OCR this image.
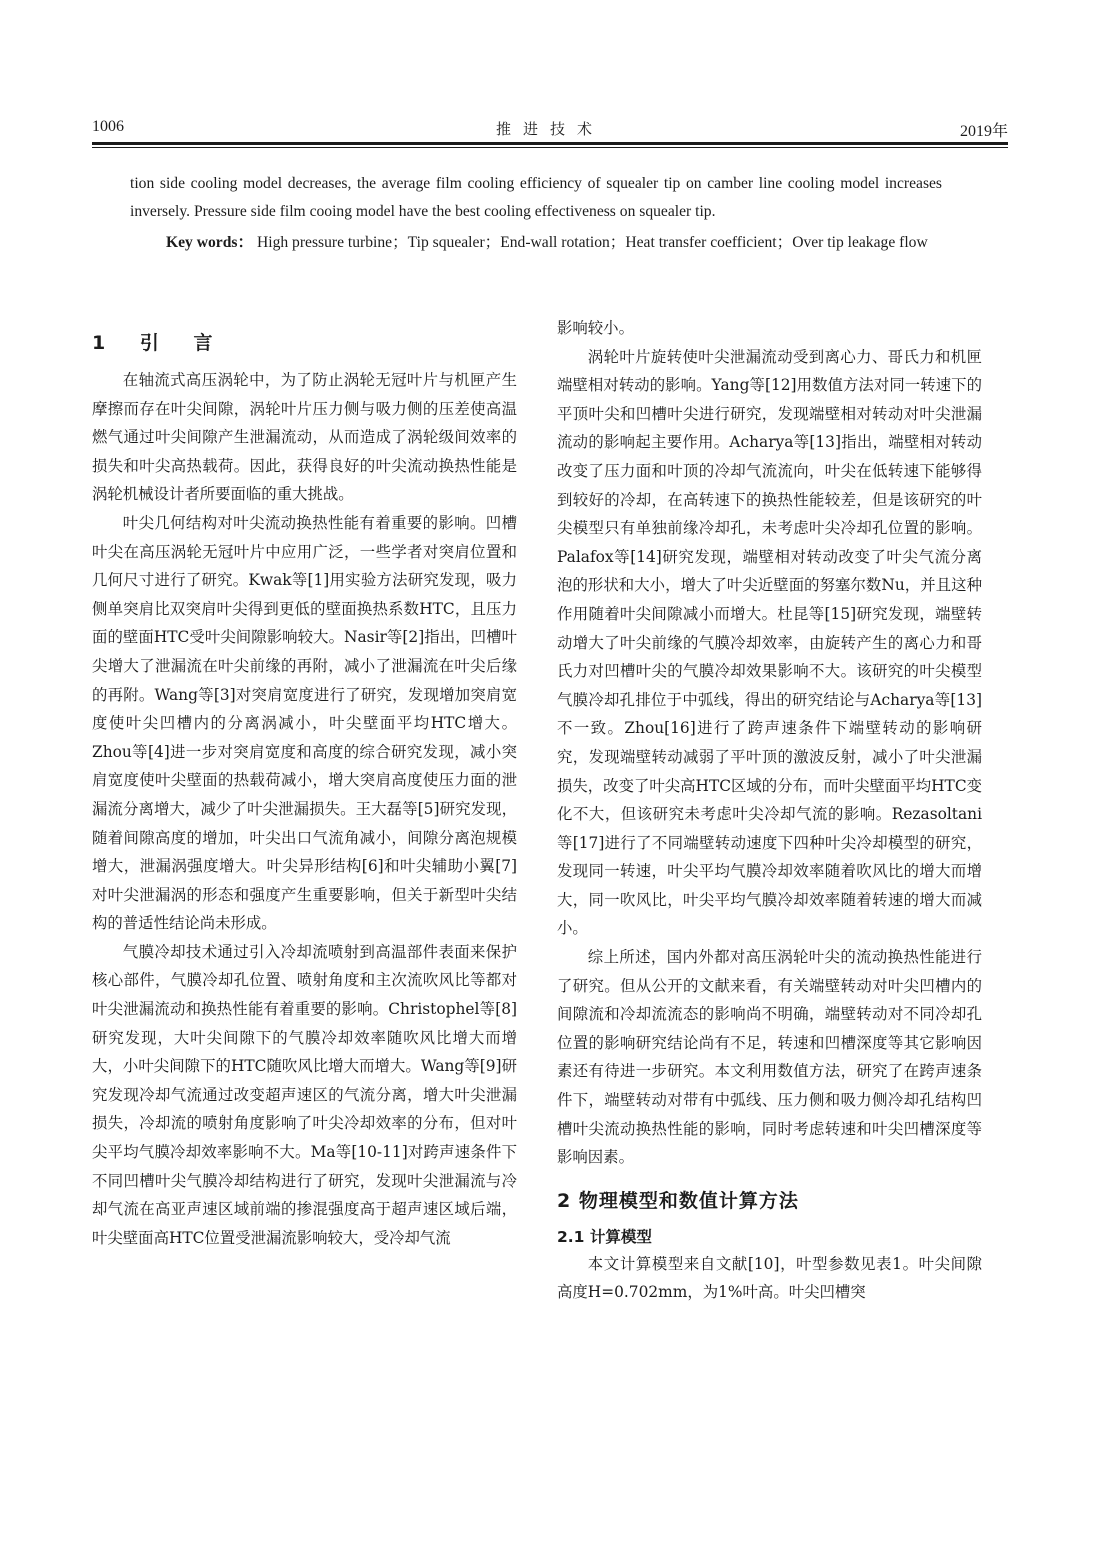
1006	推进技术	2019年
tion side cooling model decreases, the average film cooling efficiency of squealer tip on camber line cooling model increases inversely. Pressure side film cooing model have the best cooling effectiveness on squealer tip.
Key words： High pressure turbine；Tip squealer；End-wall rotation；Heat transfer coefficient；Over tip leakage flow
1 引 言

在轴流式高压涡轮中，为了防止涡轮无冠叶片与机匣产生摩擦而存在叶尖间隙，涡轮叶片压力侧与吸力侧的压差使高温燃气通过叶尖间隙产生泄漏流动，从而造成了涡轮级间效率的损失和叶尖高热载荷。因此，获得良好的叶尖流动换热性能是涡轮机械设计者所要面临的重大挑战。

叶尖几何结构对叶尖流动换热性能有着重要的影响。凹槽叶尖在高压涡轮无冠叶片中应用广泛，一些学者对突肩位置和几何尺寸进行了研究。Kwak等[1]用实验方法研究发现，吸力侧单突肩比双突肩叶尖得到更低的壁面换热系数HTC，且压力面的壁面HTC受叶尖间隙影响较大。Nasir等[2]指出，凹槽叶尖增大了泄漏流在叶尖前缘的再附，减小了泄漏流在叶尖后缘的再附。Wang等[3]对突肩宽度进行了研究，发现增加突肩宽度使叶尖凹槽内的分离涡减小，叶尖壁面平均HTC增大。Zhou等[4]进一步对突肩宽度和高度的综合研究发现，减小突肩宽度使叶尖壁面的热载荷减小，增大突肩高度使压力面的泄漏流分离增大，减少了叶尖泄漏损失。王大磊等[5]研究发现，随着间隙高度的增加，叶尖出口气流角减小，间隙分离泡规模增大，泄漏涡强度增大。叶尖异形结构[6]和叶尖辅助小翼[7]对叶尖泄漏涡的形态和强度产生重要影响，但关于新型叶尖结构的普适性结论尚未形成。

气膜冷却技术通过引入冷却流喷射到高温部件表面来保护核心部件，气膜冷却孔位置、喷射角度和主次流吹风比等都对叶尖泄漏流动和换热性能有着重要的影响。Christophel等[8]研究发现，大叶尖间隙下的气膜冷却效率随吹风比增大而增大，小叶尖间隙下的HTC随吹风比增大而增大。Wang等[9]研究发现冷却气流通过改变超声速区的气流分离，增大叶尖泄漏损失，冷却流的喷射角度影响了叶尖冷却效率的分布，但对叶尖平均气膜冷却效率影响不大。Ma等[10-11]对跨声速条件下不同凹槽叶尖气膜冷却结构进行了研究，发现叶尖泄漏流与冷却气流在高亚声速区域前端的掺混强度高于超声速区域后端，叶尖壁面高HTC位置受泄漏流影响较大，受冷却气流

影响较小。

涡轮叶片旋转使叶尖泄漏流动受到离心力、哥氏力和机匣端壁相对转动的影响。Yang等[12]用数值方法对同一转速下的平顶叶尖和凹槽叶尖进行研究，发现端壁相对转动对叶尖泄漏流动的影响起主要作用。Acharya等[13]指出，端壁相对转动改变了压力面和叶顶的冷却气流流向，叶尖在低转速下能够得到较好的冷却，在高转速下的换热性能较差，但是该研究的叶尖模型只有单独前缘冷却孔，未考虑叶尖冷却孔位置的影响。Palafox等[14]研究发现，端壁相对转动改变了叶尖气流分离泡的形状和大小，增大了叶尖近壁面的努塞尔数Nu，并且这种作用随着叶尖间隙减小而增大。杜昆等[15]研究发现，端壁转动增大了叶尖前缘的气膜冷却效率，由旋转产生的离心力和哥氏力对凹槽叶尖的气膜冷却效果影响不大。该研究的叶尖模型气膜冷却孔排位于中弧线，得出的研究结论与Acharya等[13]不一致。Zhou[16]进行了跨声速条件下端壁转动的影响研究，发现端壁转动减弱了平叶顶的激波反射，减小了叶尖泄漏损失，改变了叶尖高HTC区域的分布，而叶尖壁面平均HTC变化不大，但该研究未考虑叶尖冷却气流的影响。Rezasoltani等[17]进行了不同端壁转动速度下四种叶尖冷却模型的研究，发现同一转速，叶尖平均气膜冷却效率随着吹风比的增大而增大，同一吹风比，叶尖平均气膜冷却效率随着转速的增大而减小。

综上所述，国内外都对高压涡轮叶尖的流动换热性能进行了研究。但从公开的文献来看，有关端壁转动对叶尖凹槽内的间隙流和冷却流流态的影响尚不明确，端壁转动对不同冷却孔位置的影响研究结论尚有不足，转速和凹槽深度等其它影响因素还有待进一步研究。本文利用数值方法，研究了在跨声速条件下，端壁转动对带有中弧线、压力侧和吸力侧冷却孔结构凹槽叶尖流动换热性能的影响，同时考虑转速和叶尖凹槽深度等影响因素。

2 物理模型和数值计算方法
2.1 计算模型

本文计算模型来自文献[10]，叶型参数见表1。叶尖间隙高度H=0.702mm，为1%叶高。叶尖凹槽突
